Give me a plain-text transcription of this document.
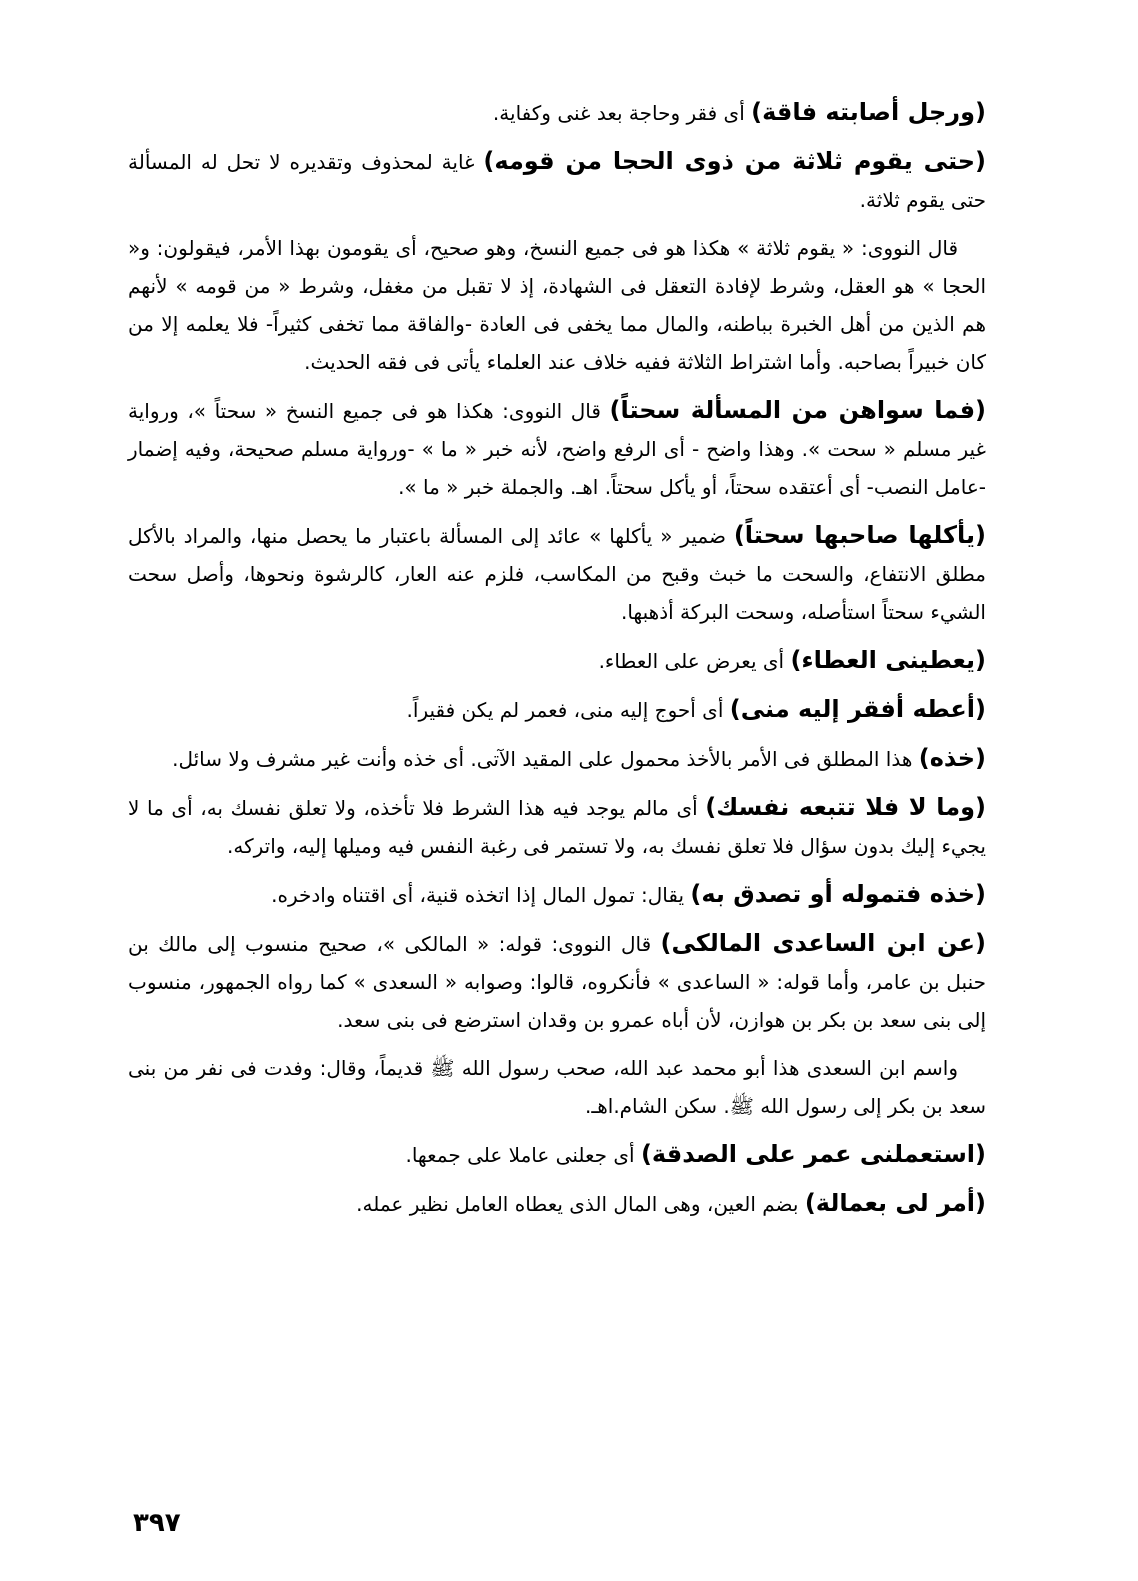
(ورجل أصابته فاقة) أى فقر وحاجة بعد غنى وكفاية.

(حتى يقوم ثلاثة من ذوى الحجا من قومه) غاية لمحذوف وتقديره لا تحل له المسألة حتى يقوم ثلاثة.

قال النووى: « يقوم ثلاثة » هكذا هو فى جميع النسخ، وهو صحيح، أى يقومون بهذا الأمر، فيقولون: و« الحجا » هو العقل، وشرط لإفادة التعقل فى الشهادة، إذ لا تقبل من مغفل، وشرط « من قومه » لأنهم هم الذين من أهل الخبرة بباطنه، والمال مما يخفى فى العادة -والفاقة مما تخفى كثيراً- فلا يعلمه إلا من كان خبيراً بصاحبه. وأما اشتراط الثلاثة ففيه خلاف عند العلماء يأتى فى فقه الحديث.

(فما سواهن من المسألة سحتاً) قال النووى: هكذا هو فى جميع النسخ « سحتاً »، ورواية غير مسلم « سحت ». وهذا واضح - أى الرفع واضح، لأنه خبر « ما » -ورواية مسلم صحيحة، وفيه إضمار -عامل النصب- أى أعتقده سحتاً، أو يأكل سحتاً. اهـ. والجملة خبر « ما ».

(يأكلها صاحبها سحتاً) ضمير « يأكلها » عائد إلى المسألة باعتبار ما يحصل منها، والمراد بالأكل مطلق الانتفاع، والسحت ما خبث وقبح من المكاسب، فلزم عنه العار، كالرشوة ونحوها، وأصل سحت الشيء سحتاً استأصله، وسحت البركة أذهبها.

(يعطينى العطاء) أى يعرض على العطاء.

(أعطه أفقر إليه منى) أى أحوج إليه منى، فعمر لم يكن فقيراً.

(خذه) هذا المطلق فى الأمر بالأخذ محمول على المقيد الآتى. أى خذه وأنت غير مشرف ولا سائل.

(وما لا فلا تتبعه نفسك) أى مالم يوجد فيه هذا الشرط فلا تأخذه، ولا تعلق نفسك به، أى ما لا يجيء إليك بدون سؤال فلا تعلق نفسك به، ولا تستمر فى رغبة النفس فيه وميلها إليه، واتركه.

(خذه فتموله أو تصدق به) يقال: تمول المال إذا اتخذه قنية، أى اقتناه وادخره.

(عن ابن الساعدى المالكى) قال النووى: قوله: « المالكى »، صحيح منسوب إلى مالك بن حنبل بن عامر، وأما قوله: « الساعدى » فأنكروه، قالوا: وصوابه « السعدى » كما رواه الجمهور، منسوب إلى بنى سعد بن بكر بن هوازن، لأن أباه عمرو بن وقدان استرضع فى بنى سعد.

واسم ابن السعدى هذا أبو محمد عبد الله، صحب رسول الله ﷺ قديماً، وقال: وفدت فى نفر من بنى سعد بن بكر إلى رسول الله ﷺ. سكن الشام.اهـ.

(استعملنى عمر على الصدقة) أى جعلنى عاملا على جمعها.

(أمر لى بعمالة) بضم العين، وهى المال الذى يعطاه العامل نظير عمله.

٣٩٧
